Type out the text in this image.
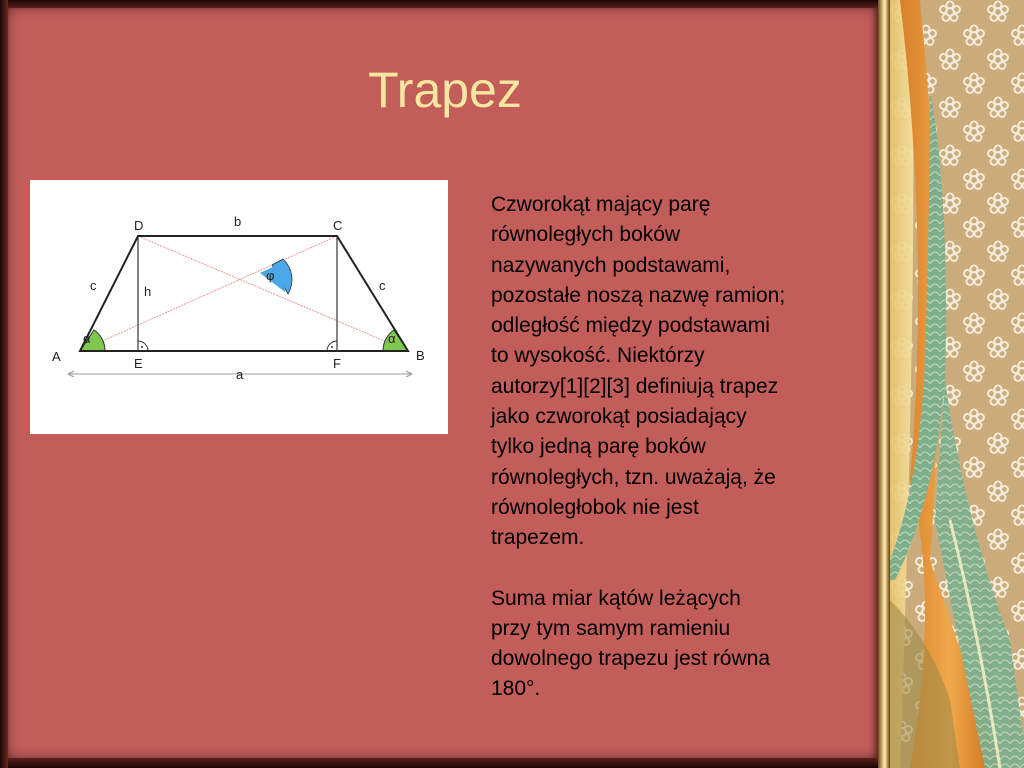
Trapez
D	C
A	B
E	F
b
a
c	c
h
α	α
φ

Czworokąt mający parę
równoległych boków
nazywanych podstawami,
pozostałe noszą nazwę ramion;
odległość między podstawami
to wysokość. Niektórzy
autorzy[1][2][3] definiują trapez
jako czworokąt posiadający
tylko jedną parę boków
równoległych, tzn. uważają, że
równoległobok nie jest
trapezem.

Suma miar kątów leżących
przy tym samym ramieniu
dowolnego trapezu jest równa
180°.
